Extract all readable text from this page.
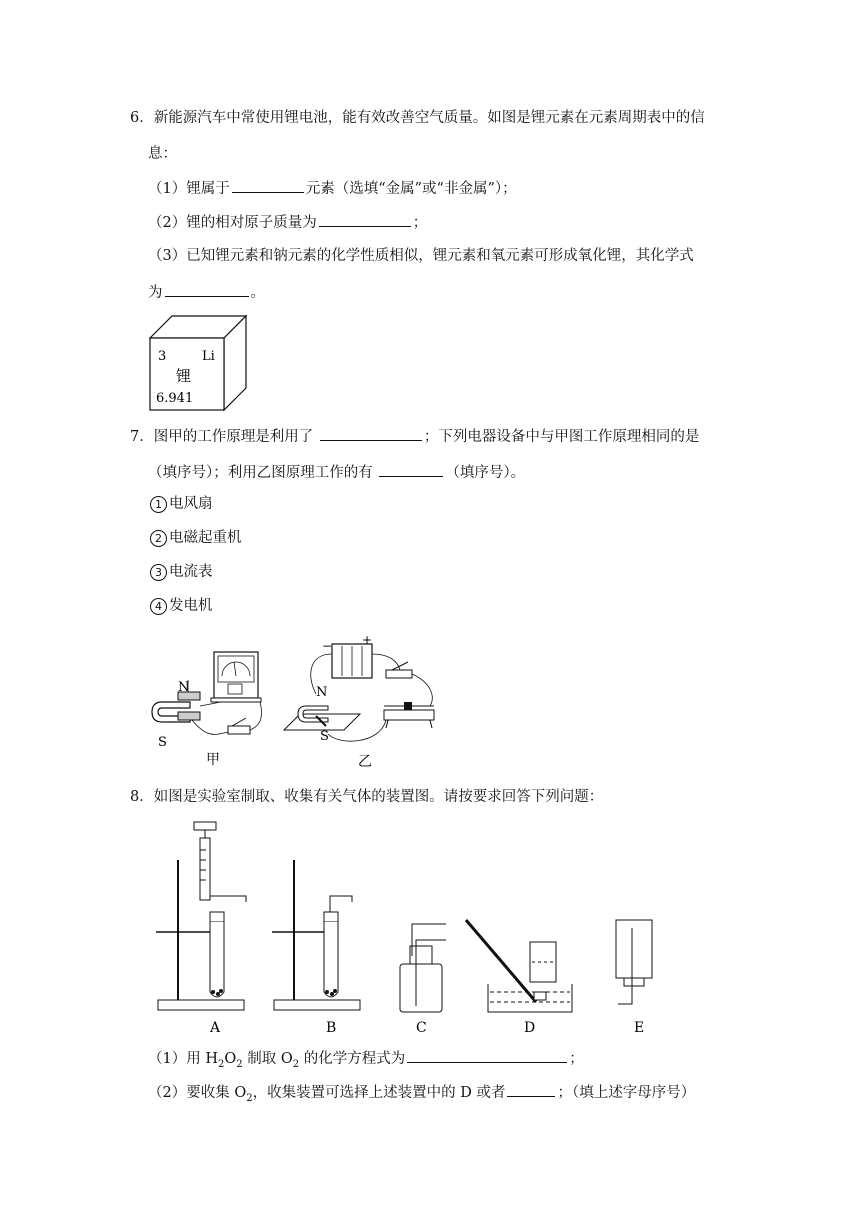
6．新能源汽车中常使用锂电池，能有效改善空气质量。如图是锂元素在元素周期表中的信
息：
（1）锂属于	元素（选填“金属”或“非金属”）；
（2）锂的相对原子质量为	；
（3）已知锂元素和钠元素的化学性质相似，锂元素和氧元素可形成氧化锂，其化学式
为	。
3	Li
锂
6.941
7．图甲的工作原理是利用了	；下列电器设备中与甲图工作原理相同的是
（填序号）；利用乙图原理工作的有	（填序号）。
1 电风扇
2 电磁起重机
3 电流表
4 发电机
N
S
甲
− +
N
S
乙
8．如图是实验室制取、收集有关气体的装置图。请按要求回答下列问题：
A	B	C	D	E
（1）用 $H_2O_2$ 制取 $O_2$ 的化学方程式为	；
（2）要收集 $O_2$，收集装置可选择上述装置中的 D 或者	；（填上述字母序号）
